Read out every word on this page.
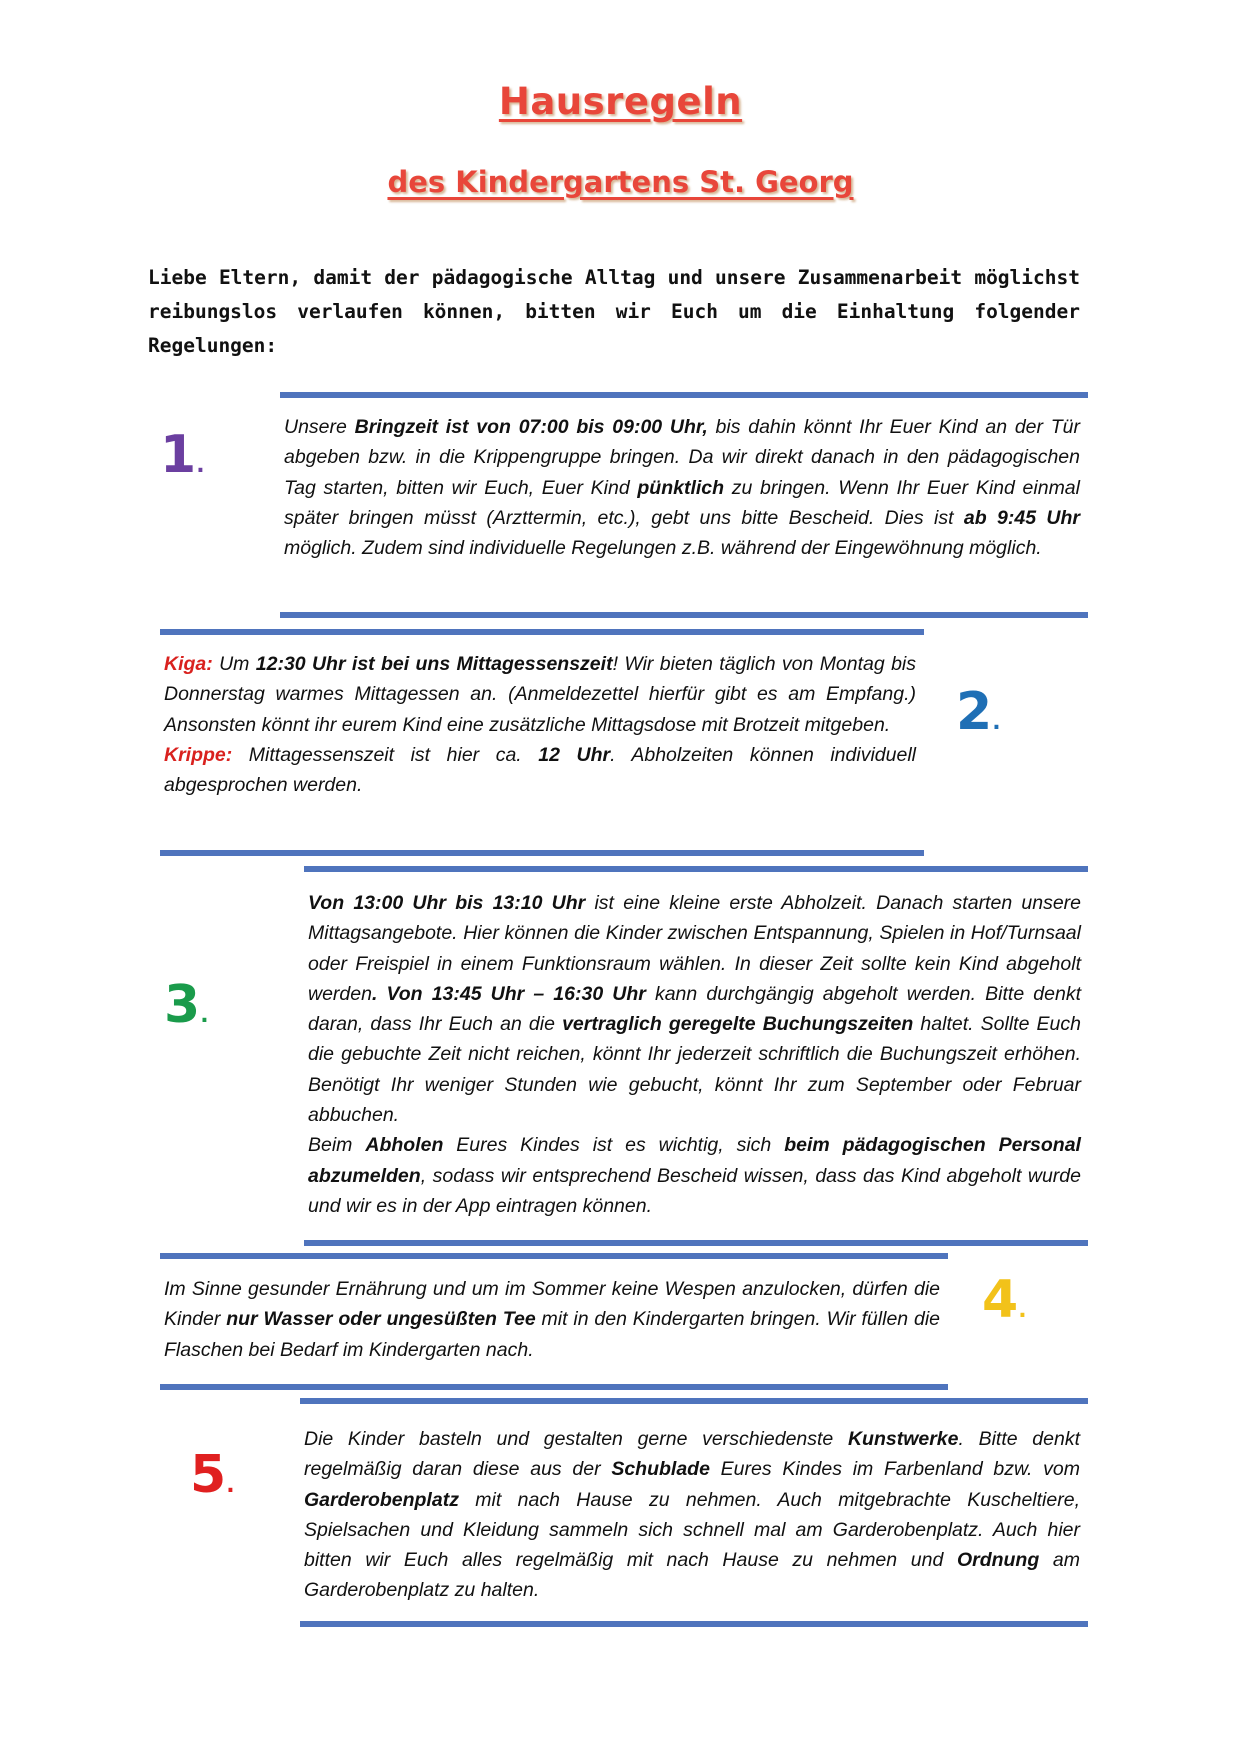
Hausregeln
des Kindergartens St. Georg

Liebe Eltern, damit der pädagogische Alltag und unsere Zusammenarbeit möglichst reibungslos verlaufen können, bitten wir Euch um die Einhaltung folgender Regelungen:

1.
Unsere Bringzeit ist von 07:00 bis 09:00 Uhr, bis dahin könnt Ihr Euer Kind an der Tür abgeben bzw. in die Krippengruppe bringen. Da wir direkt danach in den pädagogischen Tag starten, bitten wir Euch, Euer Kind pünktlich zu bringen. Wenn Ihr Euer Kind einmal später bringen müsst (Arzttermin, etc.), gebt uns bitte Bescheid. Dies ist ab 9:45 Uhr möglich. Zudem sind individuelle Regelungen z.B. während der Eingewöhnung möglich.
Kiga: Um 12:30 Uhr ist bei uns Mittagessenszeit! Wir bieten täglich von Montag bis Donnerstag warmes Mittagessen an. (Anmeldezettel hierfür gibt es am Empfang.) Ansonsten könnt ihr eurem Kind eine zusätzliche Mittagsdose mit Brotzeit mitgeben.
Krippe: Mittagessenszeit ist hier ca. 12 Uhr. Abholzeiten können individuell abgesprochen werden.
2.
Von 13:00 Uhr bis 13:10 Uhr ist eine kleine erste Abholzeit. Danach starten unsere Mittagsangebote. Hier können die Kinder zwischen Entspannung, Spielen in Hof/Turnsaal oder Freispiel in einem Funktionsraum wählen. In dieser Zeit sollte kein Kind abgeholt werden. Von 13:45 Uhr – 16:30 Uhr kann durchgängig abgeholt werden. Bitte denkt daran, dass Ihr Euch an die vertraglich geregelte Buchungszeiten haltet. Sollte Euch die gebuchte Zeit nicht reichen, könnt Ihr jederzeit schriftlich die Buchungszeit erhöhen. Benötigt Ihr weniger Stunden wie gebucht, könnt Ihr zum September oder Februar abbuchen.
Beim Abholen Eures Kindes ist es wichtig, sich beim pädagogischen Personal abzumelden, sodass wir entsprechend Bescheid wissen, dass das Kind abgeholt wurde und wir es in der App eintragen können.
3.
Im Sinne gesunder Ernährung und um im Sommer keine Wespen anzulocken, dürfen die Kinder nur Wasser oder ungesüßten Tee mit in den Kindergarten bringen. Wir füllen die Flaschen bei Bedarf im Kindergarten nach.
4.
Die Kinder basteln und gestalten gerne verschiedenste Kunstwerke. Bitte denkt regelmäßig daran diese aus der Schublade Eures Kindes im Farbenland bzw. vom Garderobenplatz mit nach Hause zu nehmen. Auch mitgebrachte Kuscheltiere, Spielsachen und Kleidung sammeln sich schnell mal am Garderobenplatz. Auch hier bitten wir Euch alles regelmäßig mit nach Hause zu nehmen und Ordnung am Garderobenplatz zu halten.
5.
